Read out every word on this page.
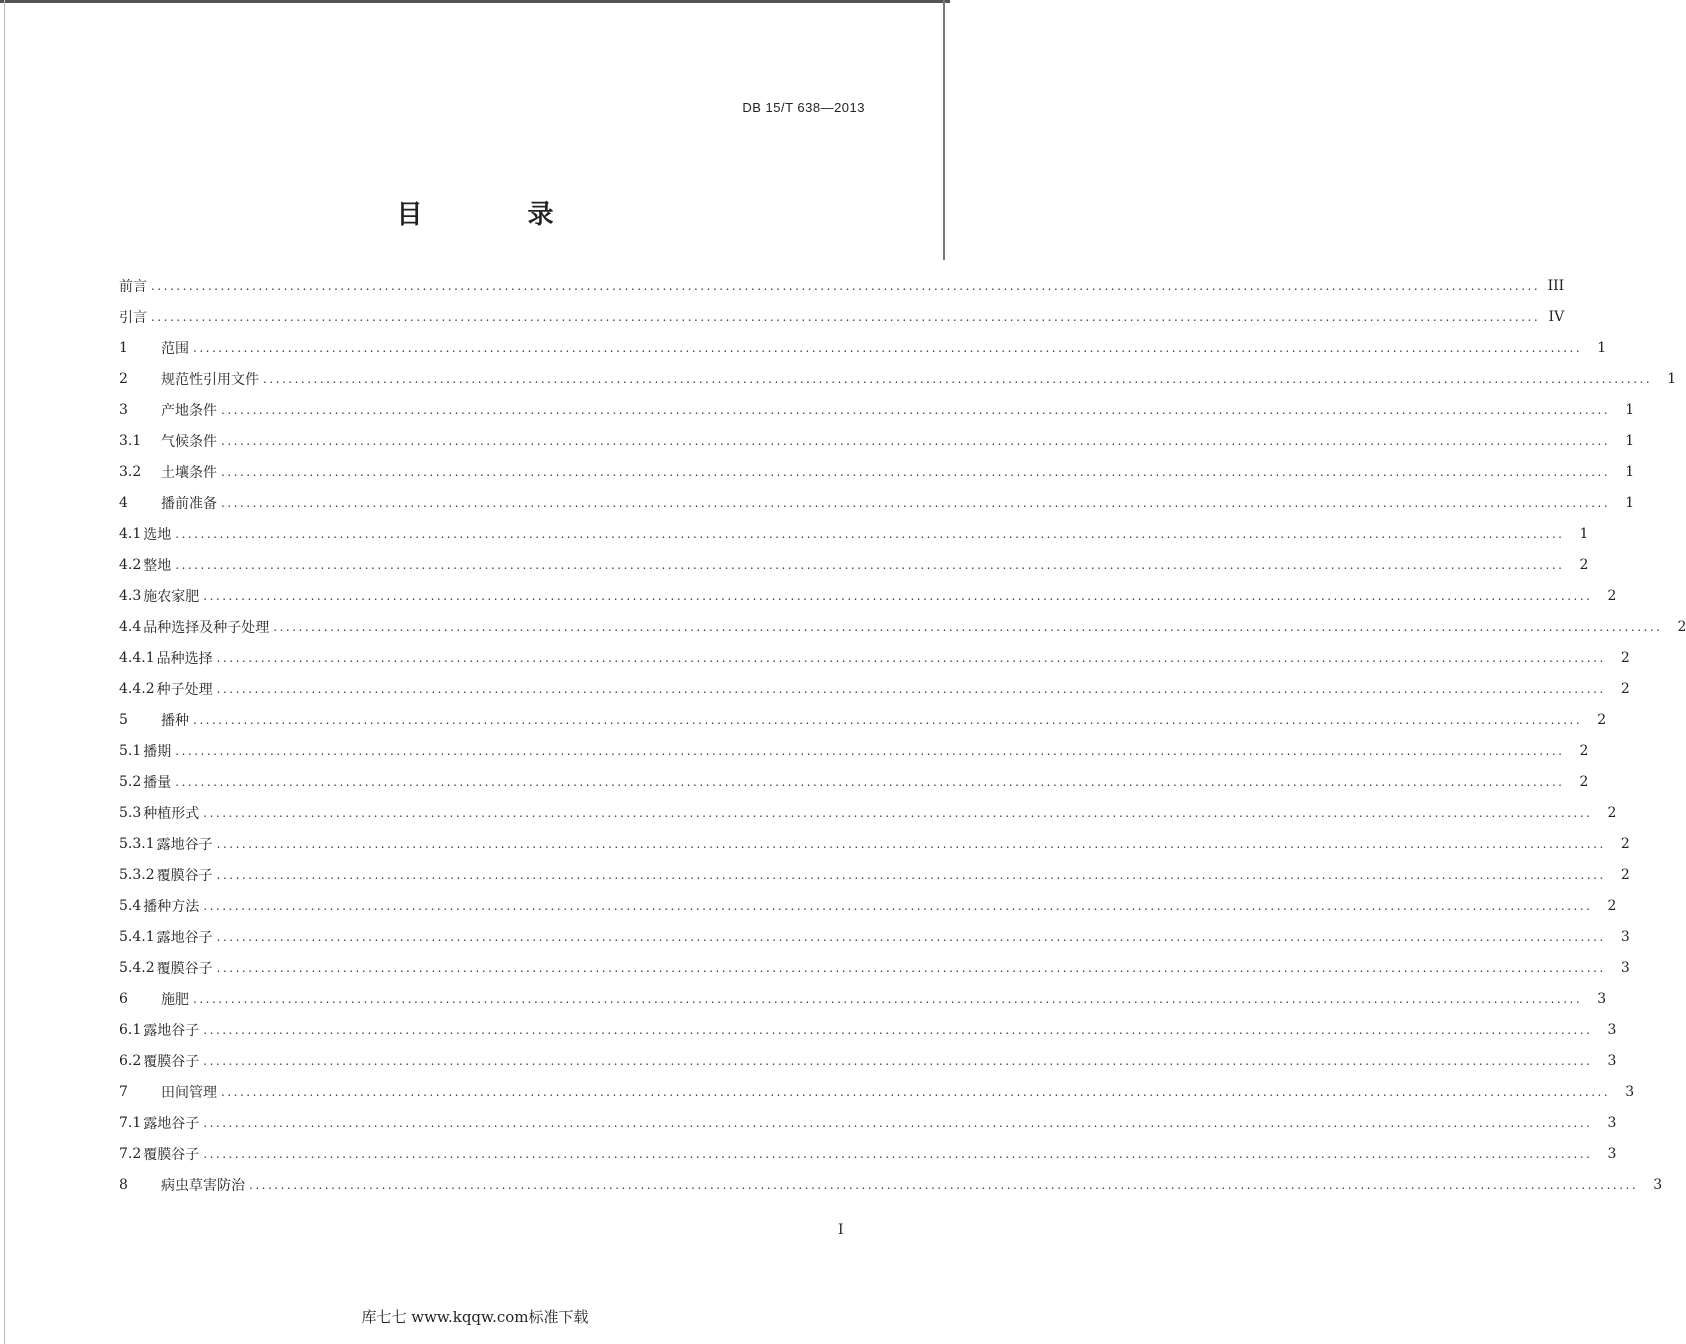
DB 15/T 638—2013
目 录
前言 ............................................................................................................................................................................................................................ III
引言 ............................................................................................................................................................................................................................ IV
1	范围 ............................................................................................................................................................................................................................	1
2	规范性引用文件 ............................................................................................................................................................................................................................	1
3	产地条件 ............................................................................................................................................................................................................................	1
3.1	气候条件 ............................................................................................................................................................................................................................	1
3.2	土壤条件 ............................................................................................................................................................................................................................	1
4	播前准备 ............................................................................................................................................................................................................................	1
4.1 选地 ............................................................................................................................................................................................................................	1
4.2 整地 ............................................................................................................................................................................................................................	2
4.3 施农家肥 ............................................................................................................................................................................................................................	2
4.4 品种选择及种子处理 ............................................................................................................................................................................................................................	2
4.4.1 品种选择 ............................................................................................................................................................................................................................	2
4.4.2 种子处理 ............................................................................................................................................................................................................................	2
5	播种 ............................................................................................................................................................................................................................	2
5.1 播期 ............................................................................................................................................................................................................................	2
5.2 播量 ............................................................................................................................................................................................................................	2
5.3 种植形式 ............................................................................................................................................................................................................................	2
5.3.1 露地谷子 ............................................................................................................................................................................................................................	2
5.3.2 覆膜谷子 ............................................................................................................................................................................................................................	2
5.4 播种方法 ............................................................................................................................................................................................................................	2
5.4.1 露地谷子 ............................................................................................................................................................................................................................	3
5.4.2 覆膜谷子 ............................................................................................................................................................................................................................	3
6	施肥 ............................................................................................................................................................................................................................	3
6.1 露地谷子 ............................................................................................................................................................................................................................	3
6.2 覆膜谷子 ............................................................................................................................................................................................................................	3
7	田间管理 ............................................................................................................................................................................................................................	3
7.1 露地谷子 ............................................................................................................................................................................................................................	3
7.2 覆膜谷子 ............................................................................................................................................................................................................................	3
8	病虫草害防治 ............................................................................................................................................................................................................................	3
I
库七七 www.kqqw.com标准下载
